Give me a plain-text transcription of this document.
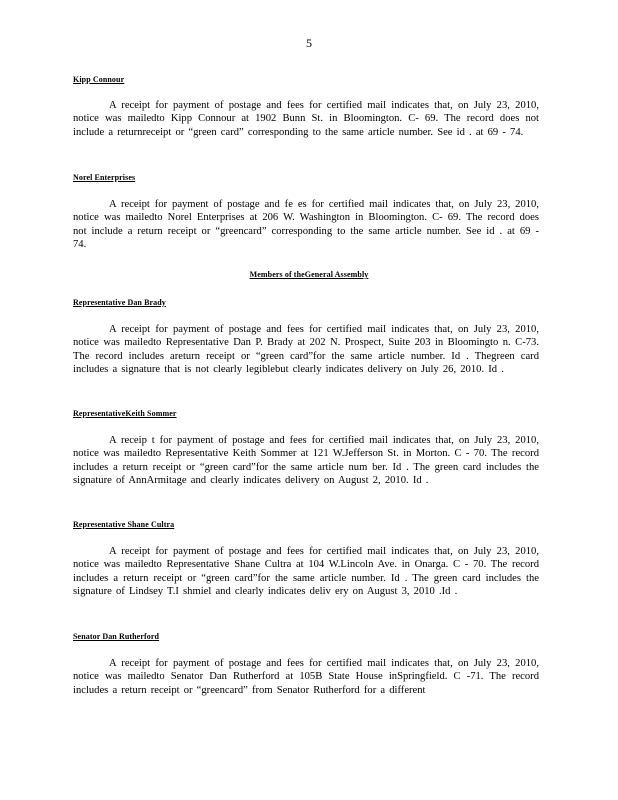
5
Kipp Connour
A receipt for payment of postage and fees for certified mail indicates that, on July 23, 2010, notice was mailedto Kipp Connour at 1902 Bunn St. in Bloomington. C- 69. The record does not include a returnreceipt or “green card” corresponding to the same article number. See id . at 69 - 74.
Norel Enterprises
A receipt for payment of postage and fe es for certified mail indicates that, on July 23, 2010, notice was mailedto Norel Enterprises at 206 W. Washington in Bloomington. C- 69. The record does not include a return receipt or “greencard” corresponding to the same article number. See id . at 69 - 74.
Members of theGeneral Assembly
Representative Dan Brady
A receipt for payment of postage and fees for certified mail indicates that, on July 23, 2010, notice was mailedto Representative Dan P. Brady at 202 N. Prospect, Suite 203 in Bloomingto n. C-73. The record includes areturn receipt or “green card”for the same article number. Id . Thegreen card includes a signature that is not clearly legiblebut clearly indicates delivery on July 26, 2010. Id .
RepresentativeKeith Sommer
A receip t for payment of postage and fees for certified mail indicates that, on July 23, 2010, notice was mailedto Representative Keith Sommer at 121 W.Jefferson St. in Morton. C - 70. The record includes a return receipt or “green card”for the same article num ber. Id . The green card includes the signature of AnnArmitage and clearly indicates delivery on August 2, 2010. Id .
Representative Shane Cultra
A receipt for payment of postage and fees for certified mail indicates that, on July 23, 2010, notice was mailedto Representative Shane Cultra at 104 W.Lincoln Ave. in Onarga. C - 70. The record includes a return receipt or “green card”for the same article number. Id . The green card includes the signature of Lindsey T.I shmiel and clearly indicates deliv ery on August 3, 2010 .Id .
Senator Dan Rutherford
A receipt for payment of postage and fees for certified mail indicates that, on July 23, 2010, notice was mailedto Senator Dan Rutherford at 105B State House inSpringfield. C -71. The record includes a return receipt or “greencard” from Senator Rutherford for a different
